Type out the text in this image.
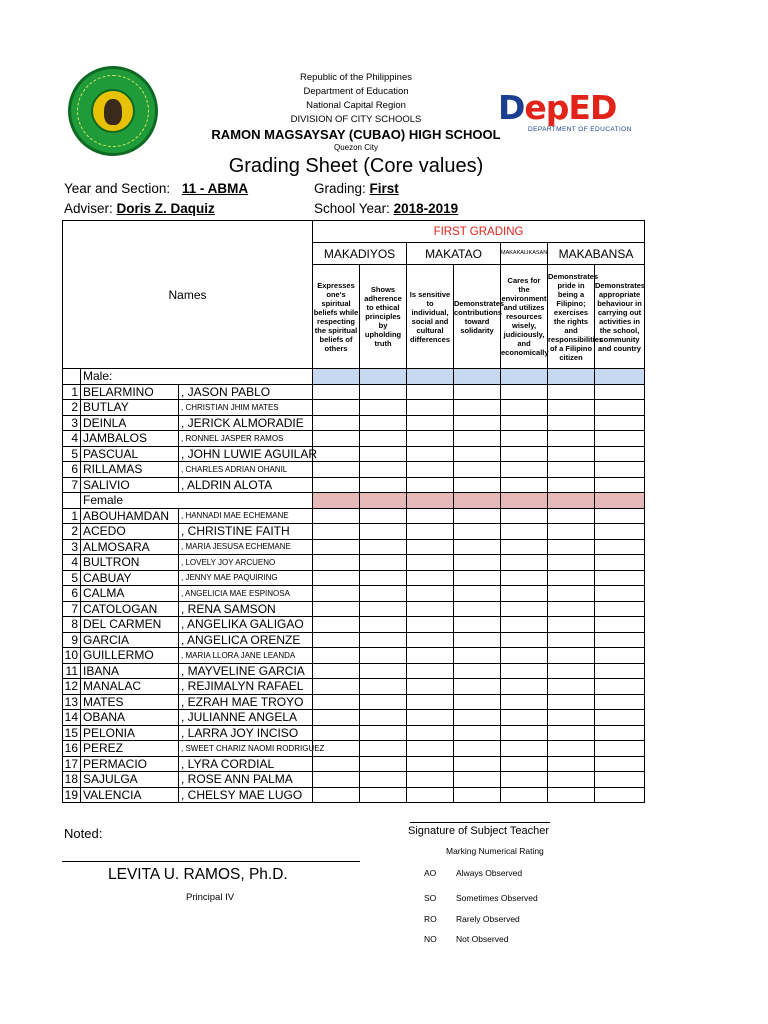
DepED
DEPARTMENT OF EDUCATION
Republic of the Philippines
Department of Education
National Capital Region
DIVISION OF CITY SCHOOLS
RAMON MAGSAYSAY (CUBAO) HIGH SCHOOL
Quezon City
Grading Sheet (Core values)
Year and Section: 11 - ABMA	Grading: First
Adviser: Doris Z. Daquiz	School Year: 2018-2019
Names			FIRST GRADING						
			MAKADIYOS		MAKATAO		MAKAKALIKASAN	MAKABANSA	
			Expresses one's spiritual beliefs while respecting the spiritual beliefs of others	Shows adherence to ethical principles by upholding truth	Is sensitive to individual, social and cultural differences	Demonstrates contributions toward solidarity	Cares for the environment and utilizes resources wisely, judiciously, and economically	Demonstrates pride in being a Filipino; exercises the rights and responsibilities of a Filipino citizen	Demonstrates appropriate behaviour in carrying out activities in the school, community and country
	Male:								
1	BELARMINO	, JASON PABLO							
2	BUTLAY	, CHRISTIAN JHIM MATES							
3	DEINLA	, JERICK ALMORADIE							
4	JAMBALOS	, RONNEL JASPER RAMOS							
5	PASCUAL	, JOHN LUWIE AGUILAR							
6	RILLAMAS	, CHARLES ADRIAN OHANIL							
7	SALIVIO	, ALDRIN ALOTA							
	Female								
1	ABOUHAMDAN	, HANNADI MAE ECHEMANE							
2	ACEDO	, CHRISTINE FAITH							
3	ALMOSARA	, MARIA JESUSA ECHEMANE							
4	BULTRON	, LOVELY JOY ARCUENO							
5	CABUAY	, JENNY MAE PAQUIRING							
6	CALMA	, ANGELICIA MAE ESPINOSA							
7	CATOLOGAN	, RENA SAMSON							
8	DEL CARMEN	, ANGELIKA GALIGAO							
9	GARCIA	, ANGELICA ORENZE							
10	GUILLERMO	, MARIA LLORA JANE LEANDA							
11	IBANA	, MAYVELINE GARCIA							
12	MANALAC	, REJIMALYN RAFAEL							
13	MATES	, EZRAH MAE TROYO							
14	OBANA	, JULIANNE ANGELA							
15	PELONIA	, LARRA JOY INCISO							
16	PEREZ	, SWEET CHARIZ NAOMI RODRIGUEZ							
17	PERMACIO	, LYRA CORDIAL							
18	SAJULGA	, ROSE ANN PALMA							
19	VALENCIA	, CHELSY MAE LUGO							
Noted:	Signature of Subject Teacher
Marking Numerical Rating
LEVITA U. RAMOS, Ph.D.
Principal IV
AO Always Observed
SO Sometimes Observed
RO Rarely Observed
NO Not Observed
